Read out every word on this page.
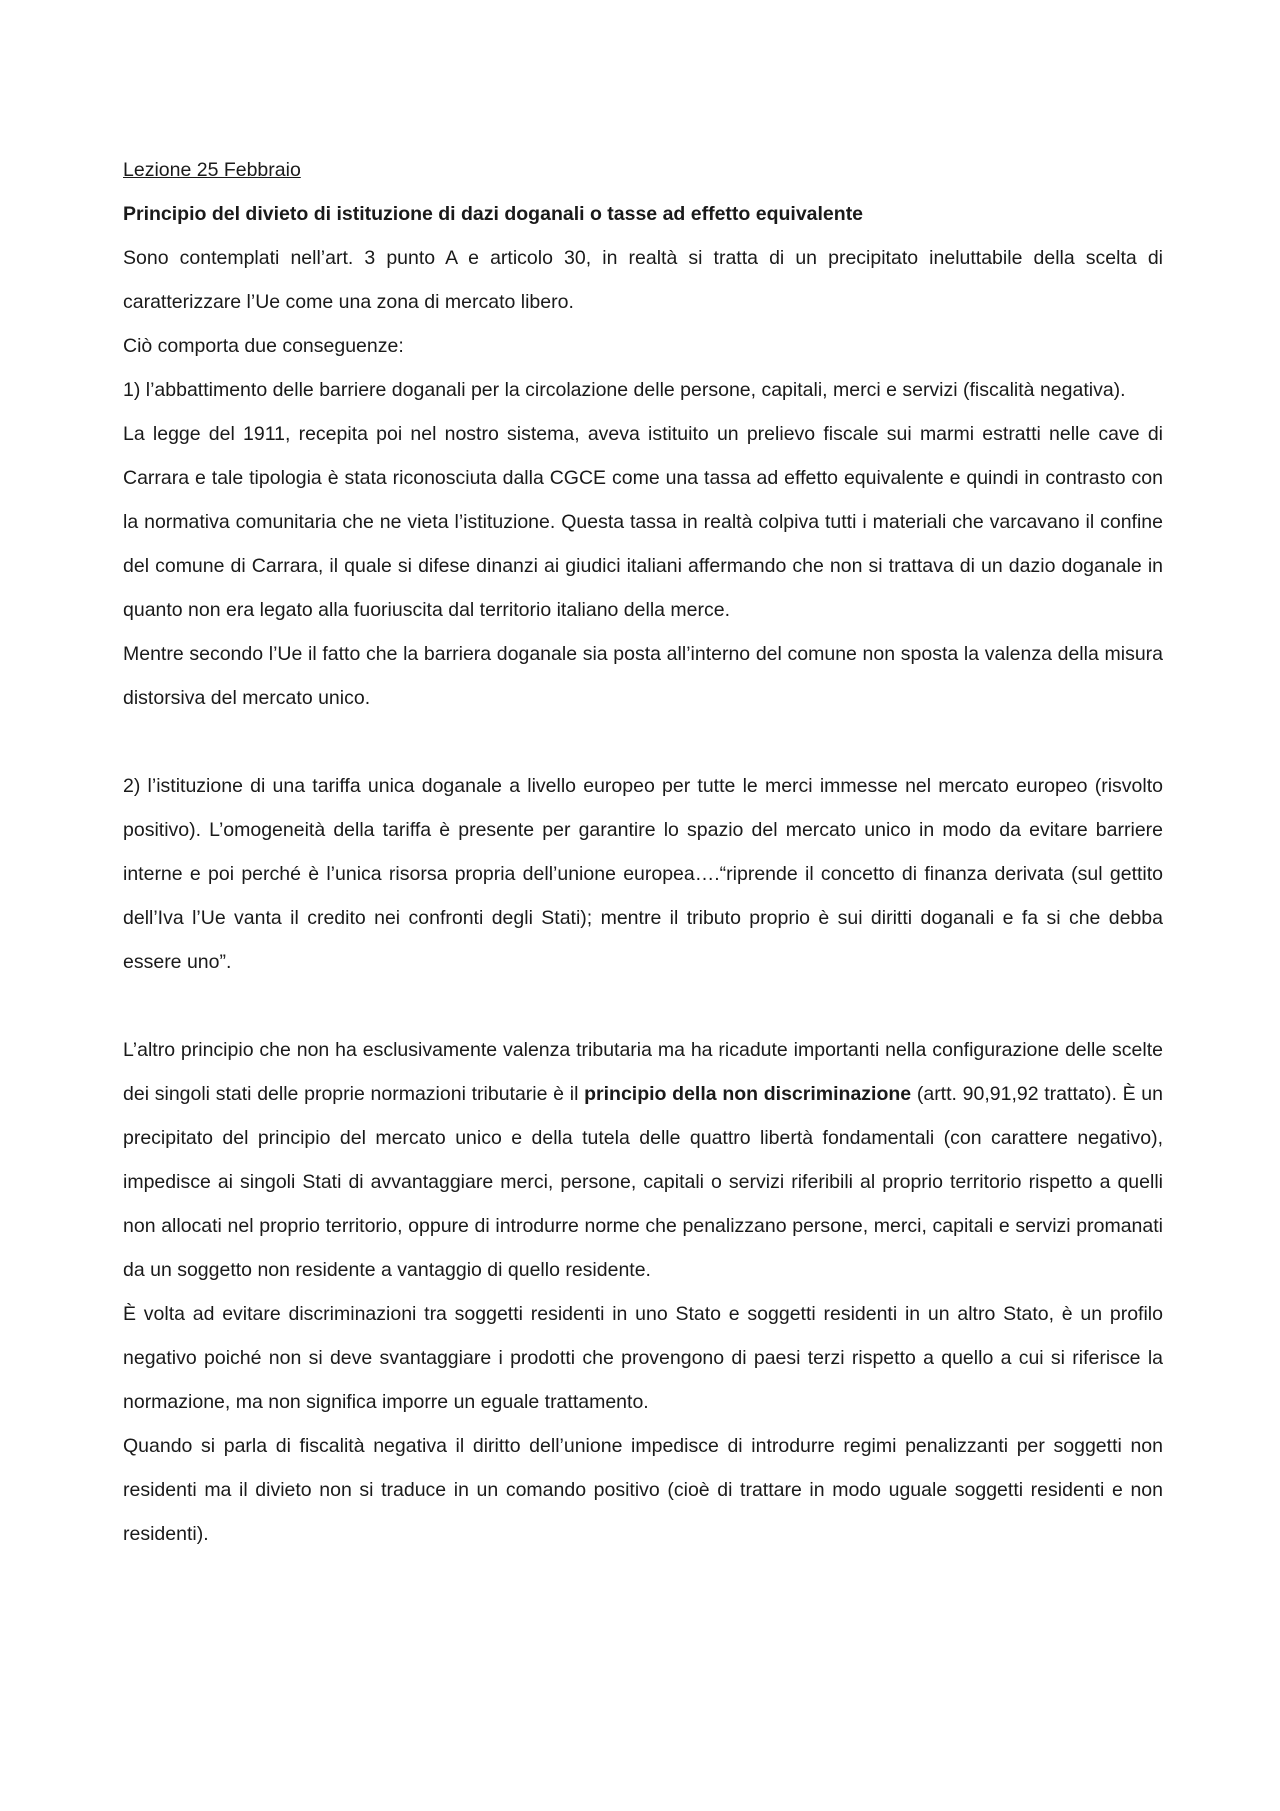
Lezione 25 Febbraio

Principio del divieto di istituzione di dazi doganali o tasse ad effetto equivalente

Sono contemplati nell’art. 3 punto A e articolo 30, in realtà si tratta di un precipitato ineluttabile della scelta di caratterizzare l’Ue come una zona di mercato libero.

Ciò comporta due conseguenze:

1) l’abbattimento delle barriere doganali per la circolazione delle persone, capitali, merci e servizi (fiscalità negativa).

La legge del 1911, recepita poi nel nostro sistema, aveva istituito un prelievo fiscale sui marmi estratti nelle cave di Carrara e tale tipologia è stata riconosciuta dalla CGCE come una tassa ad effetto equivalente e quindi in contrasto con la normativa comunitaria che ne vieta l’istituzione. Questa tassa in realtà colpiva tutti i materiali che varcavano il confine del comune di Carrara, il quale si difese dinanzi ai giudici italiani affermando che non si trattava di un dazio doganale in quanto non era legato alla fuoriuscita dal territorio italiano della merce.

Mentre secondo l’Ue il fatto che la barriera doganale sia posta all’interno del comune non sposta la valenza della misura distorsiva del mercato unico.

2) l’istituzione di una tariffa unica doganale a livello europeo per tutte le merci immesse nel mercato europeo (risvolto positivo). L’omogeneità della tariffa è presente per garantire lo spazio del mercato unico in modo da evitare barriere interne e poi perché è l’unica risorsa propria dell’unione europea….“riprende il concetto di finanza derivata (sul gettito dell’Iva l’Ue vanta il credito nei confronti degli Stati); mentre il tributo proprio è sui diritti doganali e fa si che debba essere uno”.

L’altro principio che non ha esclusivamente valenza tributaria ma ha ricadute importanti nella configurazione delle scelte dei singoli stati delle proprie normazioni tributarie è il principio della non discriminazione (artt. 90,91,92 trattato). È un precipitato del principio del mercato unico e della tutela delle quattro libertà fondamentali (con carattere negativo), impedisce ai singoli Stati di avvantaggiare merci, persone, capitali o servizi riferibili al proprio territorio rispetto a quelli non allocati nel proprio territorio, oppure di introdurre norme che penalizzano persone, merci, capitali e servizi promanati da un soggetto non residente a vantaggio di quello residente.

È volta ad evitare discriminazioni tra soggetti residenti in uno Stato e soggetti residenti in un altro Stato, è un profilo negativo poiché non si deve svantaggiare i prodotti che provengono di paesi terzi rispetto a quello a cui si riferisce la normazione, ma non significa imporre un eguale trattamento.

Quando si parla di fiscalità negativa il diritto dell’unione impedisce di introdurre regimi penalizzanti per soggetti non residenti ma il divieto non si traduce in un comando positivo (cioè di trattare in modo uguale soggetti residenti e non residenti).
